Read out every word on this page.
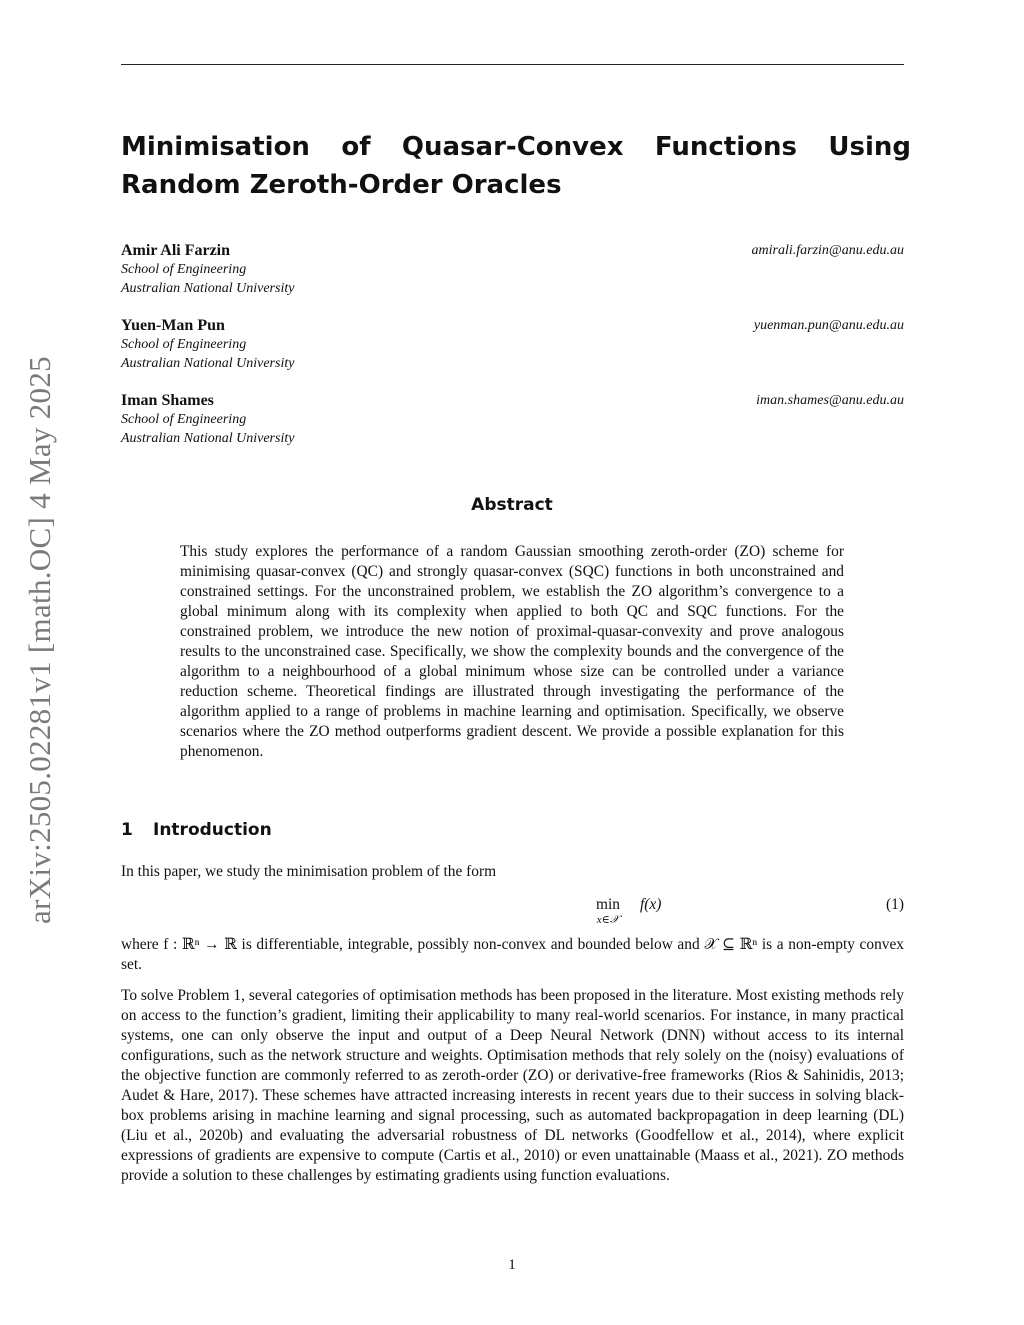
arXiv:2505.02281v1 [math.OC] 4 May 2025
Minimisation of Quasar-Convex Functions Using Random Zeroth-Order Oracles
Amir Ali Farzin
School of Engineering
Australian National University
amirali.farzin@anu.edu.au
Yuen-Man Pun
School of Engineering
Australian National University
yuenman.pun@anu.edu.au
Iman Shames
School of Engineering
Australian National University
iman.shames@anu.edu.au
Abstract

This study explores the performance of a random Gaussian smoothing zeroth-order (ZO) scheme for minimising quasar-convex (QC) and strongly quasar-convex (SQC) functions in both unconstrained and constrained settings. For the unconstrained problem, we establish the ZO algorithm’s convergence to a global minimum along with its complexity when applied to both QC and SQC functions. For the constrained problem, we introduce the new notion of proximal-quasar-convexity and prove analogous results to the unconstrained case. Specifically, we show the complexity bounds and the convergence of the algorithm to a neighbourhood of a global minimum whose size can be controlled under a variance reduction scheme. Theoretical findings are illustrated through investigating the performance of the algorithm applied to a range of problems in machine learning and optimisation. Specifically, we observe scenarios where the ZO method outperforms gradient descent. We provide a possible explanation for this phenomenon.

1 Introduction

In this paper, we study the minimisation problem of the form

min
x∈𝒳
f(x)	(1)

where f : ℝⁿ → ℝ is differentiable, integrable, possibly non-convex and bounded below and 𝒳 ⊆ ℝⁿ is a non-empty convex set.

To solve Problem 1, several categories of optimisation methods has been proposed in the literature. Most existing methods rely on access to the function’s gradient, limiting their applicability to many real-world scenarios. For instance, in many practical systems, one can only observe the input and output of a Deep Neural Network (DNN) without access to its internal configurations, such as the network structure and weights. Optimisation methods that rely solely on the (noisy) evaluations of the objective function are commonly referred to as zeroth-order (ZO) or derivative-free frameworks (Rios & Sahinidis, 2013; Audet & Hare, 2017). These schemes have attracted increasing interests in recent years due to their success in solving black-box problems arising in machine learning and signal processing, such as automated backpropagation in deep learning (DL) (Liu et al., 2020b) and evaluating the adversarial robustness of DL networks (Goodfellow et al., 2014), where explicit expressions of gradients are expensive to compute (Cartis et al., 2010) or even unattainable (Maass et al., 2021). ZO methods provide a solution to these challenges by estimating gradients using function evaluations.

1
